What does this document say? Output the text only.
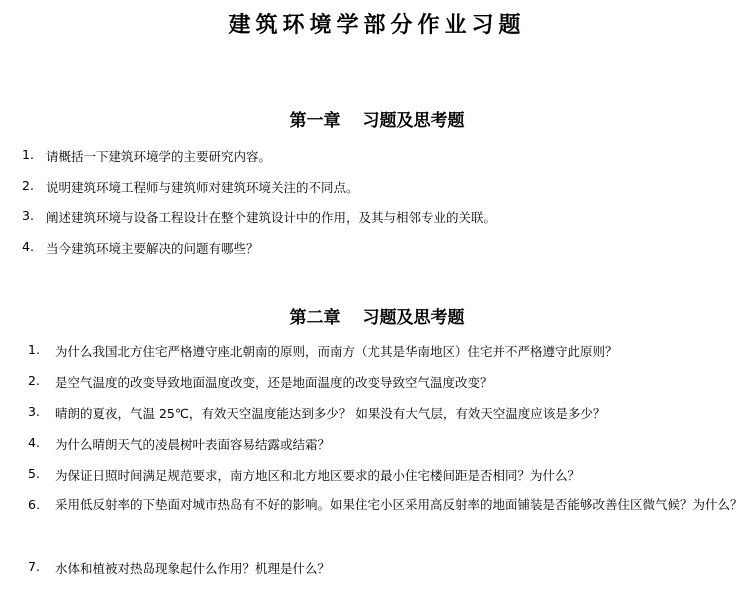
建筑环境学部分作业习题
第一章 习题及思考题
1. 请概括一下建筑环境学的主要研究内容。
2. 说明建筑环境工程师与建筑师对建筑环境关注的不同点。
3. 阐述建筑环境与设备工程设计在整个建筑设计中的作用，及其与相邻专业的关联。
4. 当今建筑环境主要解决的问题有哪些？
第二章 习题及思考题
1. 为什么我国北方住宅严格遵守座北朝南的原则，而南方（尤其是华南地区）住宅并不严格遵守此原则？
2. 是空气温度的改变导致地面温度改变，还是地面温度的改变导致空气温度改变？
3. 晴朗的夏夜，气温 25℃，有效天空温度能达到多少？ 如果没有大气层，有效天空温度应该是多少？
4. 为什么晴朗天气的凌晨树叶表面容易结露或结霜？
5. 为保证日照时间满足规范要求，南方地区和北方地区要求的最小住宅楼间距是否相同？为什么？
6. 采用低反射率的下垫面对城市热岛有不好的影响。如果住宅小区采用高反射率的地面铺装是否能够改善住区微气候？为什么？
7. 水体和植被对热岛现象起什么作用？机理是什么？
